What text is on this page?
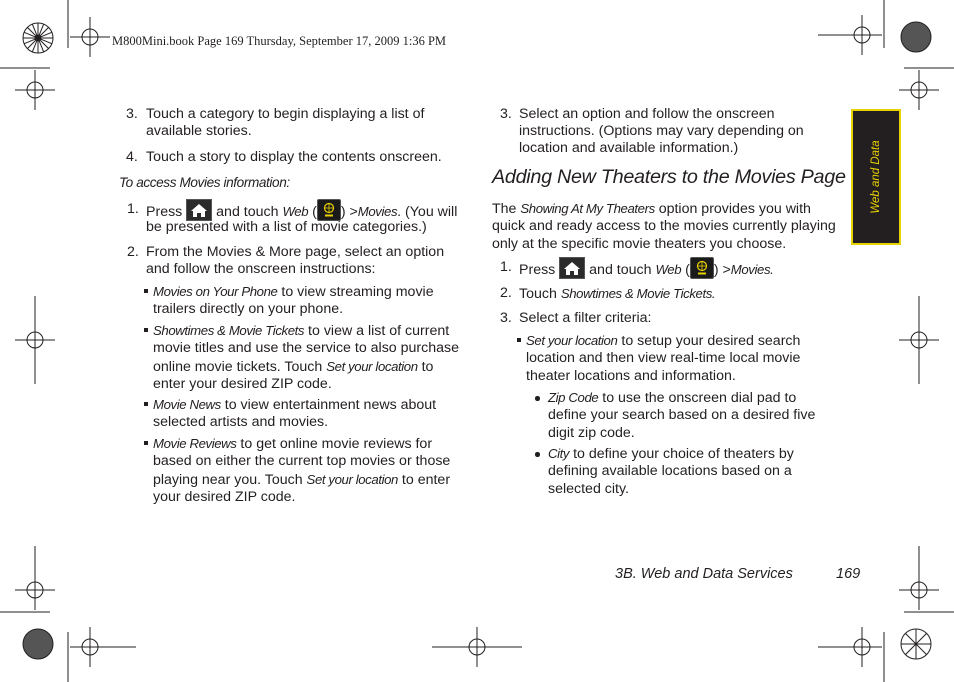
M800Mini.book Page 169 Thursday, September 17, 2009 1:36 PM
3. Touch a category to begin displaying a list of available stories.
4. Touch a story to display the contents onscreen.
To access Movies information:
1. Press and touch Web ( ) >Movies. (You will
be presented with a list of movie categories.)
2. From the Movies & More page, select an option
and follow the onscreen instructions:
Movies on Your Phone to view streaming movie
trailers directly on your phone.
Showtimes & Movie Tickets to view a list of current
movie titles and use the service to also purchase
online movie tickets. Touch Set your location to
enter your desired ZIP code.
Movie News to view entertainment news about
selected artists and movies.
Movie Reviews to get online movie reviews for
based on either the current top movies or those
playing near you. Touch Set your location to enter
your desired ZIP code.
3. Select an option and follow the onscreen
instructions. (Options may vary depending on
location and available information.)
Adding New Theaters to the Movies Page
The Showing At My Theaters option provides you with
quick and ready access to the movies currently playing
only at the specific movie theaters you choose.
1. Press and touch Web ( ) >Movies.
2. Touch Showtimes & Movie Tickets.
3. Select a filter criteria:
Set your location to setup your desired search
location and then view real-time local movie
theater locations and information.
Zip Code to use the onscreen dial pad to
define your search based on a desired five
digit zip code.
City to define your choice of theaters by
defining available locations based on a
selected city.
Web and Data
3B. Web and Data Services	169
